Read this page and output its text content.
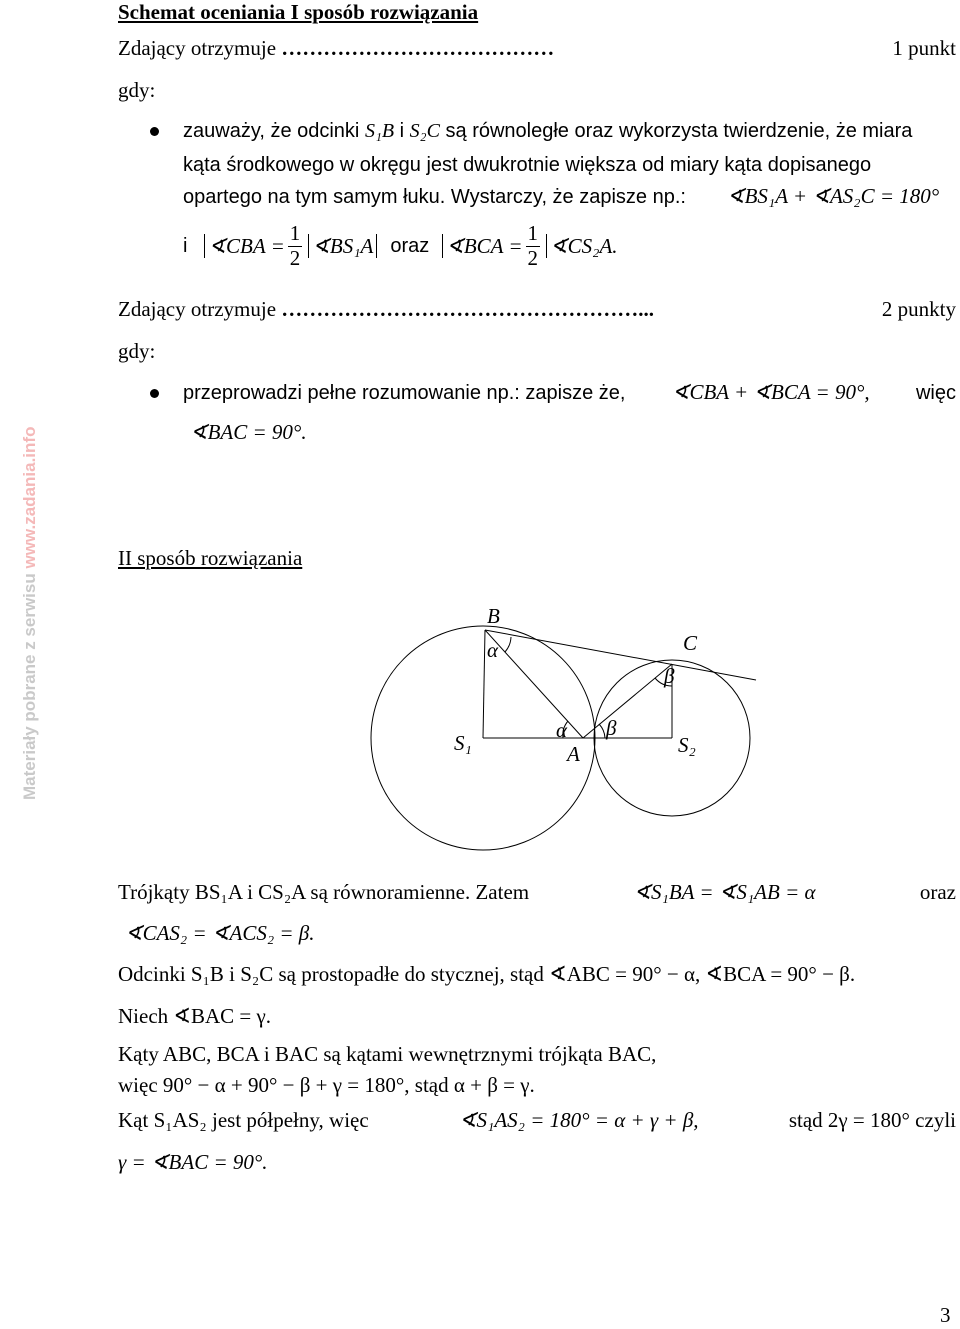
Materiały pobrane z serwisu www.zadania.info
Schemat oceniania I sposób rozwiązania
Zdający otrzymuje …………………………………	1 punkt
gdy:
zauważy, że odcinki S₁B i S₂C są równoległe oraz wykorzysta twierdzenie, że miara
kąta środkowego w okręgu jest dwukrotnie większa od miary kąta dopisanego
opartego na tym samym łuku. Wystarczy, że zapisze np.: ∢BS₁A + ∢AS₂C = 180°
i ∢CBA = $\frac{1}{2}$ ∢BS₁A oraz ∢BCA = $\frac{1}{2}$ ∢CS₂A.
Zdający otrzymuje ……………………………………………...	2 punkty
gdy:
przeprowadzi pełne rozumowanie np.: zapisze że, ∢CBA + ∢BCA = 90°, więc
∢BAC = 90°.
II sposób rozwiązania
B
C
A
S₁	S₂
α
α β
β
Trójkąty BS₁A i CS₂A są równoramienne. Zatem	∢S₁BA = ∢S₁AB = α	oraz
∢CAS₂ = ∢ACS₂ = β.
Odcinki S₁B i S₂C są prostopadłe do stycznej, stąd ∢ABC = 90° − α, ∢BCA = 90° − β.
Niech ∢BAC = γ.
Kąty ABC, BCA i BAC są kątami wewnętrznymi trójkąta BAC,
więc 90° − α + 90° − β + γ = 180°, stąd α + β = γ.
Kąt S₁AS₂ jest półpełny, więc	∢S₁AS₂ = 180° = α + γ + β,	stąd 2γ = 180° czyli
γ = ∢BAC = 90°.
3
